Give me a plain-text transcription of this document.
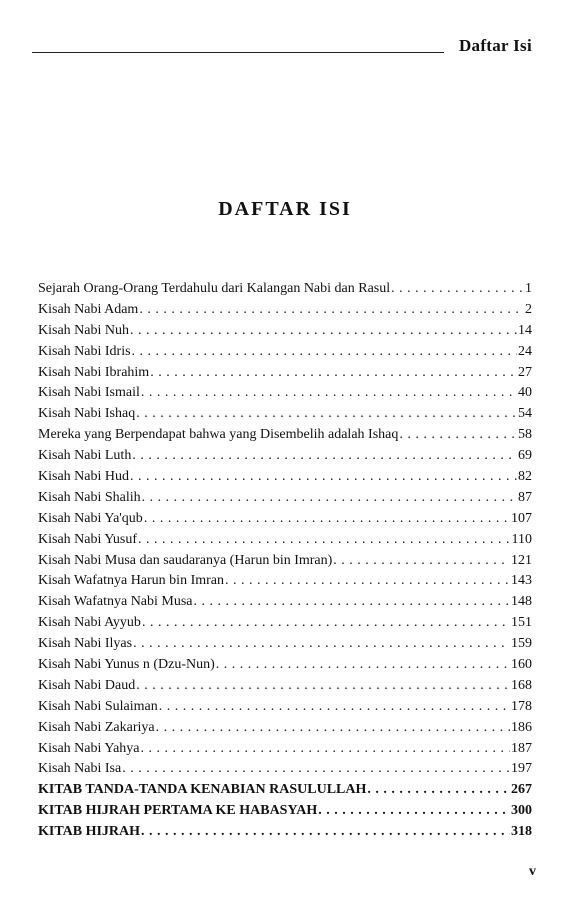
Daftar Isi
DAFTAR ISI
Sejarah Orang-Orang Terdahulu dari Kalangan Nabi dan Rasul . . .	1
Kisah Nabi Adam . . .	2
Kisah Nabi Nuh . . .	14
Kisah Nabi Idris . . .	24
Kisah Nabi Ibrahim . . .	27
Kisah Nabi Ismail . . .	40
Kisah Nabi Ishaq . . .	54
Mereka yang Berpendapat bahwa yang Disembelih adalah Ishaq . . .	58
Kisah Nabi Luth . . .	69
Kisah Nabi Hud . . .	82
Kisah Nabi Shalih . . .	87
Kisah Nabi Ya'qub . . .	107
Kisah Nabi Yusuf . . .	110
Kisah Nabi Musa dan saudaranya (Harun bin Imran) . . .	121
Kisah Wafatnya Harun bin Imran . . .	143
Kisah Wafatnya Nabi Musa . . .	148
Kisah Nabi Ayyub . . .	151
Kisah Nabi Ilyas . . .	159
Kisah Nabi Yunus n (Dzu-Nun) . . .	160
Kisah Nabi Daud . . .	168
Kisah Nabi Sulaiman . . .	178
Kisah Nabi Zakariya . . .	186
Kisah Nabi Yahya . . .	187
Kisah Nabi Isa . . .	197
KITAB TANDA-TANDA KENABIAN RASULULLAH . . .	267
KITAB HIJRAH PERTAMA KE HABASYAH . . .	300
KITAB HIJRAH . . .	318
v
